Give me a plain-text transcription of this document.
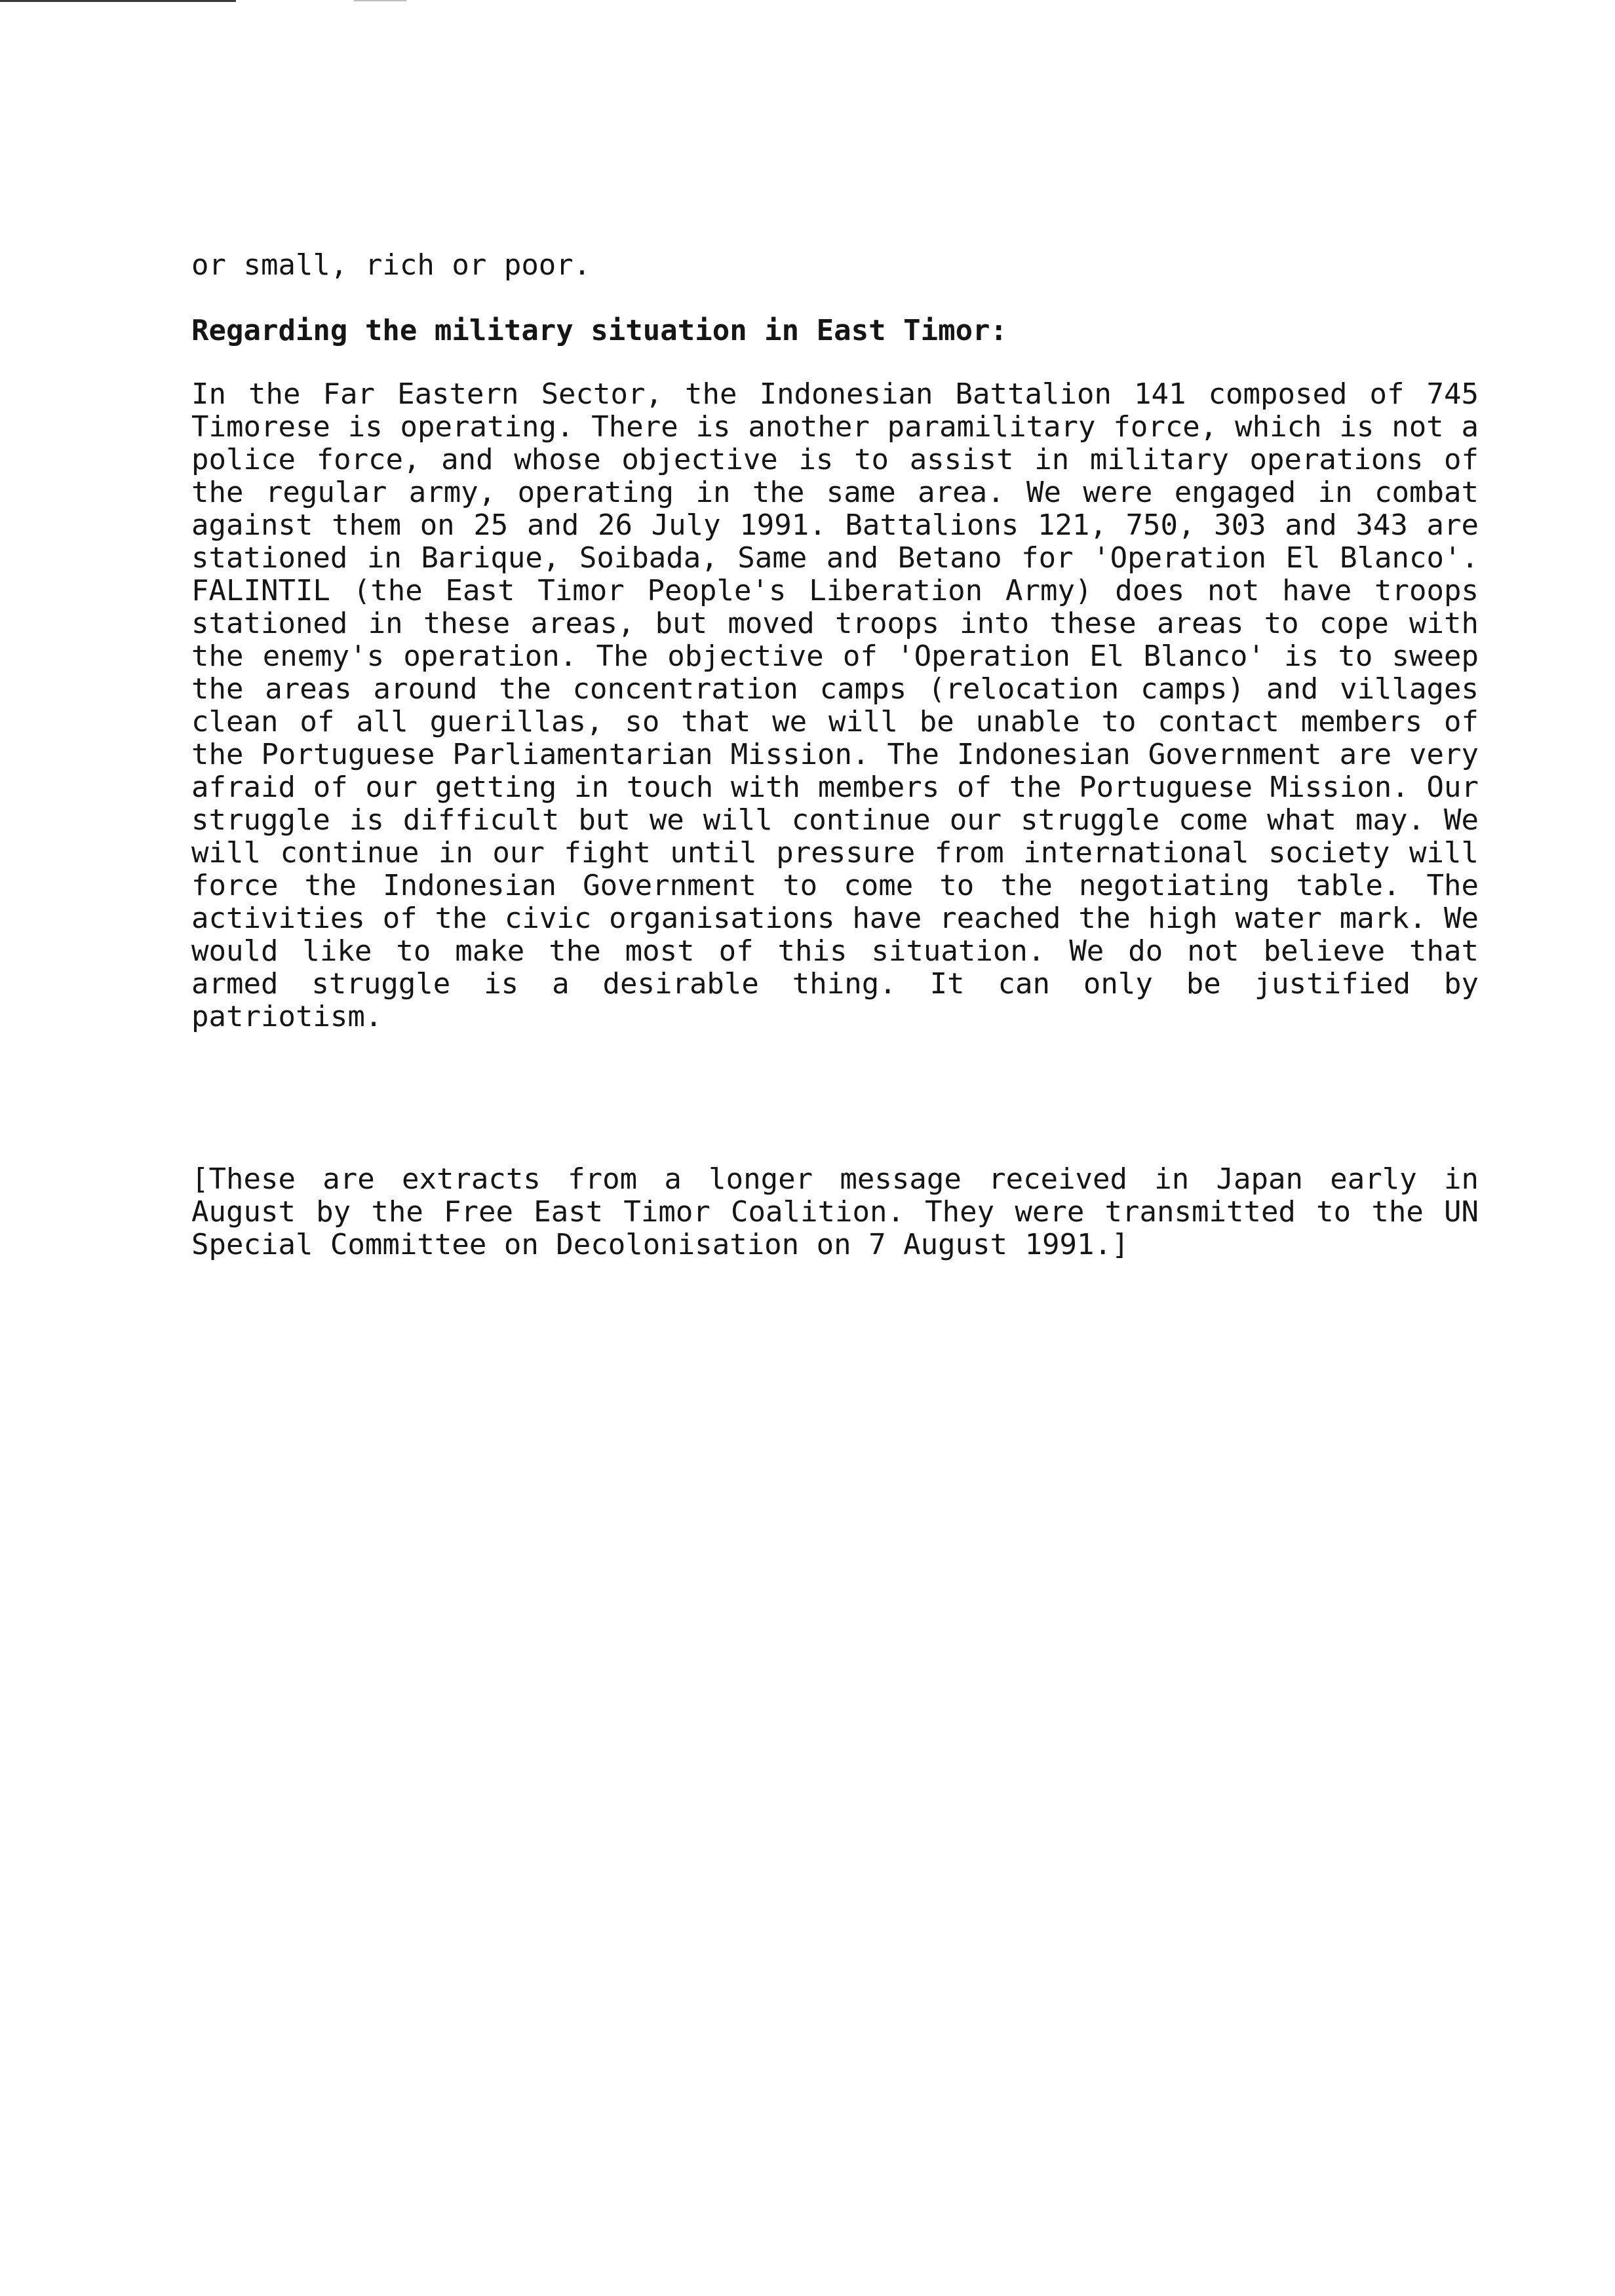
or small, rich or poor.

Regarding the military situation in East Timor:

In the Far Eastern Sector, the Indonesian Battalion 141 composed of 745 Timorese is operating. There is another paramilitary force, which is not a police force, and whose objective is to assist in military operations of the regular army, operating in the same area. We were engaged in combat against them on 25 and 26 July 1991. Battalions 121, 750, 303 and 343 are stationed in Barique, Soibada, Same and Betano for 'Operation El Blanco'. FALINTIL (the East Timor People's Liberation Army) does not have troops stationed in these areas, but moved troops into these areas to cope with the enemy's operation. The objective of 'Operation El Blanco' is to sweep the areas around the concentration camps (relocation camps) and villages clean of all guerillas, so that we will be unable to contact members of the Portuguese Parliamentarian Mission. The Indonesian Government are very afraid of our getting in touch with members of the Portuguese Mission. Our struggle is difficult but we will continue our struggle come what may. We will continue in our fight until pressure from international society will force the Indonesian Government to come to the negotiating table. The activities of the civic organisations have reached the high water mark. We would like to make the most of this situation. We do not believe that armed struggle is a desirable thing. It can only be justified by patriotism.

[These are extracts from a longer message received in Japan early in August by the Free East Timor Coalition. They were transmitted to the UN Special Committee on Decolonisation on 7 August 1991.]
